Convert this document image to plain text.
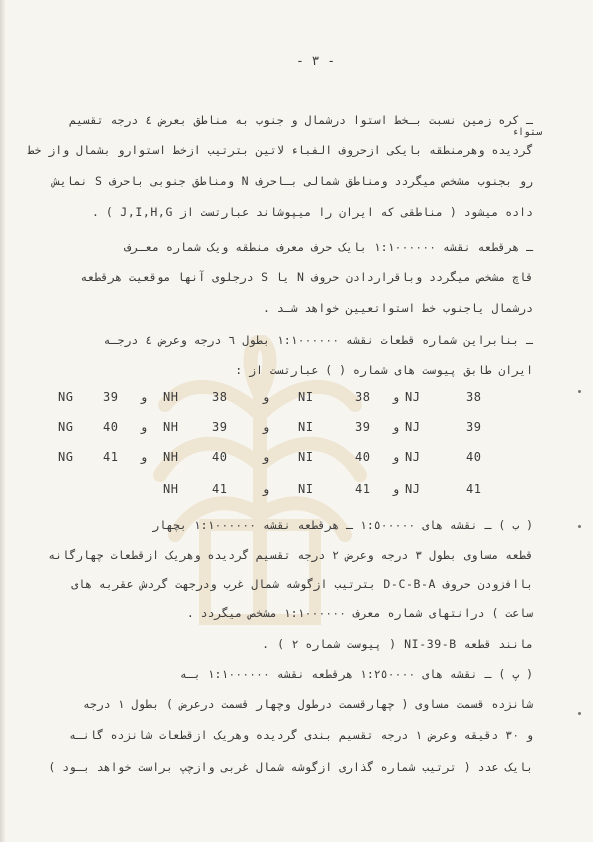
- ٣ -
ستواء
ـ کره زمین نسبت بـخط استوا درشمال و جنوب به مناطق بعرض ٤ درجه تقسیم
گردیده وهرمنطقه بایکی ازحروف الفباء لاتین بترتیب ازخط استوارو بشمال واز خط
رو بجنوب مشخص میگردد ومناطق شمالی بـاحرف N ومناطق جنوبی باحرف S نمایش
داده میشود ( مناطقی که ایران را میپوشاند عبارتست از J,I,H,G ) .
ـ هرقطعه نقشه ١:١٠٠٠٠٠٠ بایک حرف معرف منطقه ویک شماره معـرف
قاچ مشخص میگردد وباقراردادن حروف N یا S درجلوی آنها موقعیت هرقطعه
درشمال یاجنوب خط استواتعیین خواهد شـد .
ـ بنابراین شماره قطعات نقشه ١:١٠٠٠٠٠٠ بطول ٦ درجه وعرض ٤ درجـه
ایران طابق پیوست های شماره ( ) عبارتست از :
NG 39 و NH	38	و NI	38 و NJ	38
NG 40 و NH	39	و NI	39 و NJ	39
NG 41 و NH	40	و NI	40 و NJ	40
NH	41	و NI	41 و NJ	41
( ب ) ـ نقشه های ١:٥٠٠٠٠٠ ـ هرقطعه نقشه ١:١٠٠٠٠٠٠ بچهار
قطعه مساوی بطول ٣ درجه وعرض ٢ درجه تقسیم گردیده وهریک ازقطعات چهارگانه
باافزودن حروف D-C-B-A بترتیب ازگوشه شمال غرب ودرجهت گردش عقربه های
ساعت ) درانتهای شماره معرف ١:١٠٠٠٠٠٠ مشخص میگردد .
مانند قطعه NI-39-B ( پیوست شماره ٢ ) .
( پ ) ـ نقشه های ١:٢٥٠٠٠٠ هرقطعه نقشه ١:١٠٠٠٠٠٠ بـه
شانزده قسمت مساوی ( چهارقسمت درطول وچهار قسمت درعرض ) بطول ١ درجه
و ٣٠ دقیقه وعرض ١ درجه تقسیم بندی گردیده وهریک ازقطعات شانزده گانـه
بایک عدد ( ترتیب شماره گذاری ازگوشه شمال غربی وازچپ براست خواهد بـود )
